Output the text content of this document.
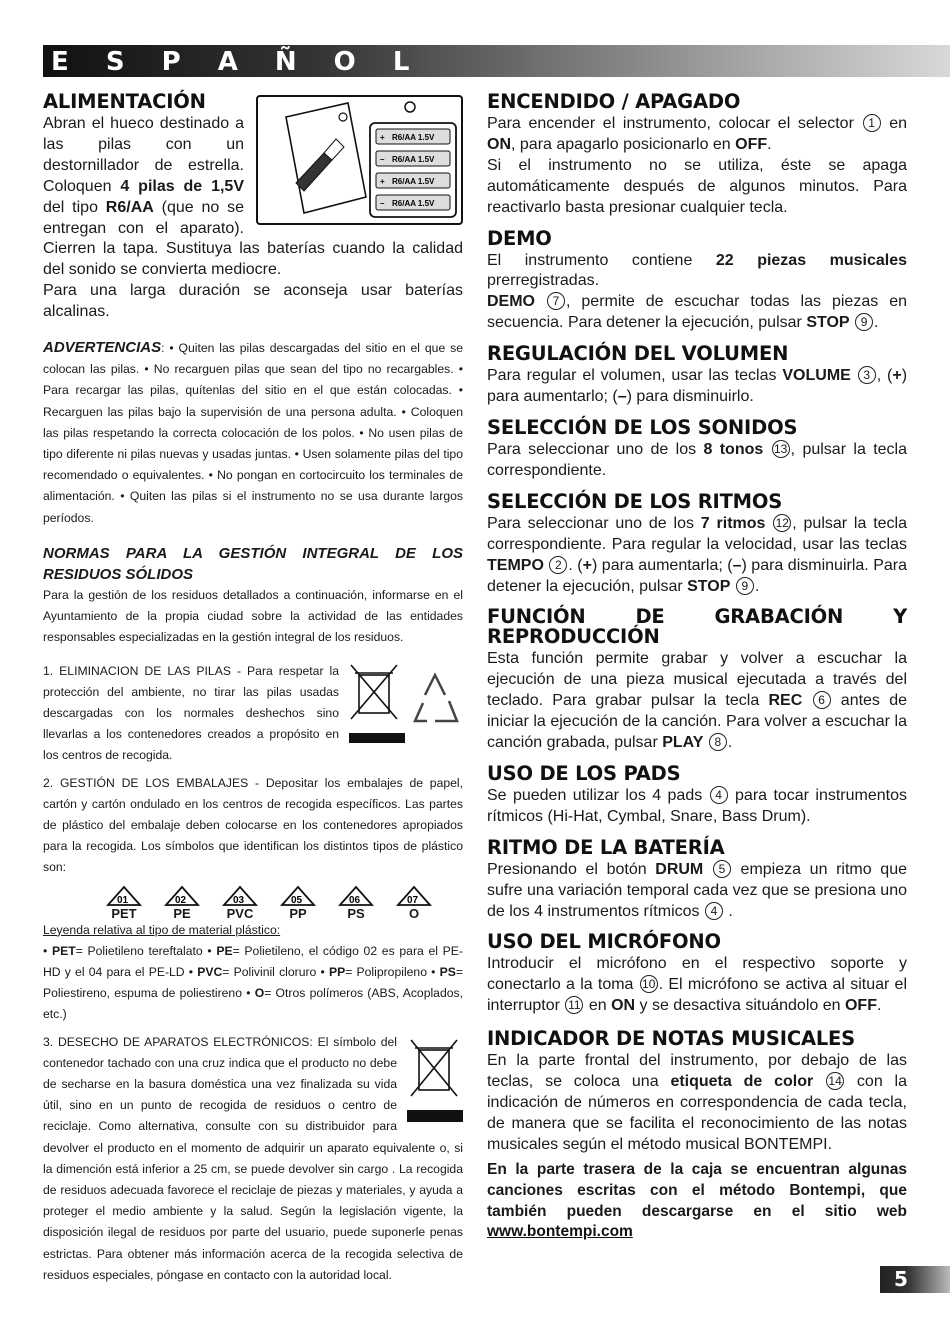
E S P A Ñ O L
R6/AA 1.5V
R6/AA 1.5V
R6/AA 1.5V
R6/AA 1.5V
+
–
+
–
ALIMENTACIÓN

Abran el hueco destinado a las pilas con un destornillador de estrella. Coloquen 4 pilas de 1,5V del tipo R6/AA (que no se entregan con el aparato). Cierren la tapa. Sustituya las baterías cuando la calidad del sonido se convierta mediocre.

Para una larga duración se aconseja usar baterías alcalinas.

ADVERTENCIAS: • Quiten las pilas descargadas del sitio en el que se colocan las pilas. • No recarguen pilas que sean del tipo no recargables. • Para recargar las pilas, quítenlas del sitio en el que están colocadas. • Recarguen las pilas bajo la supervisión de una persona adulta. • Coloquen las pilas respetando la correcta colocación de los polos. • No usen pilas de tipo diferente ni pilas nuevas y usadas juntas. • Usen solamente pilas del tipo recomendado o equivalentes. • No pongan en cortocircuito los terminales de alimentación. • Quiten las pilas si el instrumento no se usa durante largos períodos.

NORMAS PARA LA GESTIÓN INTEGRAL DE LOS RESIDUOS SÓLIDOS

Para la gestión de los residuos detallados a continuación, informarse en el Ayuntamiento de la propia ciudad sobre la actividad de las entidades responsables especializadas en la gestión integral de los residuos.

1. ELIMINACION DE LAS PILAS - Para respetar la protección del ambiente, no tirar las pilas usadas descargadas con los normales deshechos sino llevarlas a los contenedores creados a propósito en los centros de recogida.

2. GESTIÓN DE LOS EMBALAJES - Depositar los embalajes de papel, cartón y cartón ondulado en los centros de recogida específicos. Las partes de plástico del embalaje deben colocarse en los contenedores apropiados para la recogida. Los símbolos que identifican los distintos tipos de plástico son:

01
PET
02
PE
03
PVC
05
PP
06
PS
07
O

Leyenda relativa al tipo de material plástico:

• PET= Polietileno tereftalato • PE= Polietileno, el código 02 es para el PE-HD y el 04 para el PE-LD • PVC= Polivinil cloruro • PP= Polipropileno • PS= Poliestireno, espuma de poliestireno • O= Otros polímeros (ABS, Acoplados, etc.)

3. DESECHO DE APARATOS ELECTRÓNICOS: El símbolo del contenedor tachado con una cruz indica que el producto no debe de secharse en la basura doméstica una vez finalizada su vida útil, sino en un punto de recogida de residuos o centro de reciclaje. Como alternativa, consulte con su distribuidor para devolver el producto en el momento de adquirir un aparato equivalente o, si la dimención está inferior a 25 cm, se puede devolver sin cargo . La recogida de residuos adecuada favorece el reciclaje de piezas y materiales, y ayuda a proteger el medio ambiente y la salud. Según la legislación vigente, la disposición ilegal de residuos por parte del usuario, puede suponerle penas estrictas. Para obtener más información acerca de la recogida selectiva de residuos especiales, póngase en contacto con la autoridad local.

ENCENDIDO / APAGADO

Para encender el instrumento, colocar el selector 1 en ON, para apagarlo posicionarlo en OFF.

Si el instrumento no se utiliza, éste se apaga automáticamente después de algunos minutos. Para reactivarlo basta presionar cualquier tecla.

DEMO

El instrumento contiene 22 piezas musicales prerregistradas.
DEMO 7 , permite de escuchar todas las piezas en secuencia. Para detener la ejecución, pulsar STOP 9 .

REGULACIÓN DEL VOLUMEN

Para regular el volumen, usar las teclas VOLUME 3 , (+) para aumentarlo; (–) para disminuirlo.

SELECCIÓN DE LOS SONIDOS

Para seleccionar uno de los 8 tonos 13 , pulsar la tecla correspondiente.

SELECCIÓN DE LOS RITMOS

Para seleccionar uno de los 7 ritmos 12 , pulsar la tecla correspondiente. Para regular la velocidad, usar las teclas TEMPO 2 . (+) para aumentarla; (–) para disminuirla. Para detener la ejecución, pulsar STOP 9 .

FUNCIÓN	DE	GRABACIÓN	Y
REPRODUCCIÓN

Esta función permite grabar y volver a escuchar la ejecución de una pieza musical ejecutada a través del teclado. Para grabar pulsar la tecla REC 6 antes de iniciar la ejecución de la canción. Para volver a escuchar la canción grabada, pulsar PLAY 8 .

USO DE LOS PADS

Se pueden utilizar los 4 pads 4 para tocar instrumentos rítmicos (Hi-Hat, Cymbal, Snare, Bass Drum).

RITMO DE LA BATERÍA

Presionando el botón DRUM 5 empieza un ritmo que sufre una variación temporal cada vez que se presiona uno de los 4 instrumentos rítmicos 4 .

USO DEL MICRÓFONO

Introducir el micrófono en el respectivo soporte y conectarlo a la toma 10 . El micrófono se activa al situar el interruptor 11 en ON y se desactiva situándolo en OFF.

INDICADOR DE NOTAS MUSICALES

En la parte frontal del instrumento, por debajo de las teclas, se coloca una etiqueta de color 14 con la indicación de números en correspondencia de cada tecla, de manera que se facilita el reconocimiento de las notas musicales según el método musical BONTEMPI.

En la parte trasera de la caja se encuentran algunas canciones escritas con el método Bontempi, que también pueden descargarse en el sitio web www.bontempi.com

5
